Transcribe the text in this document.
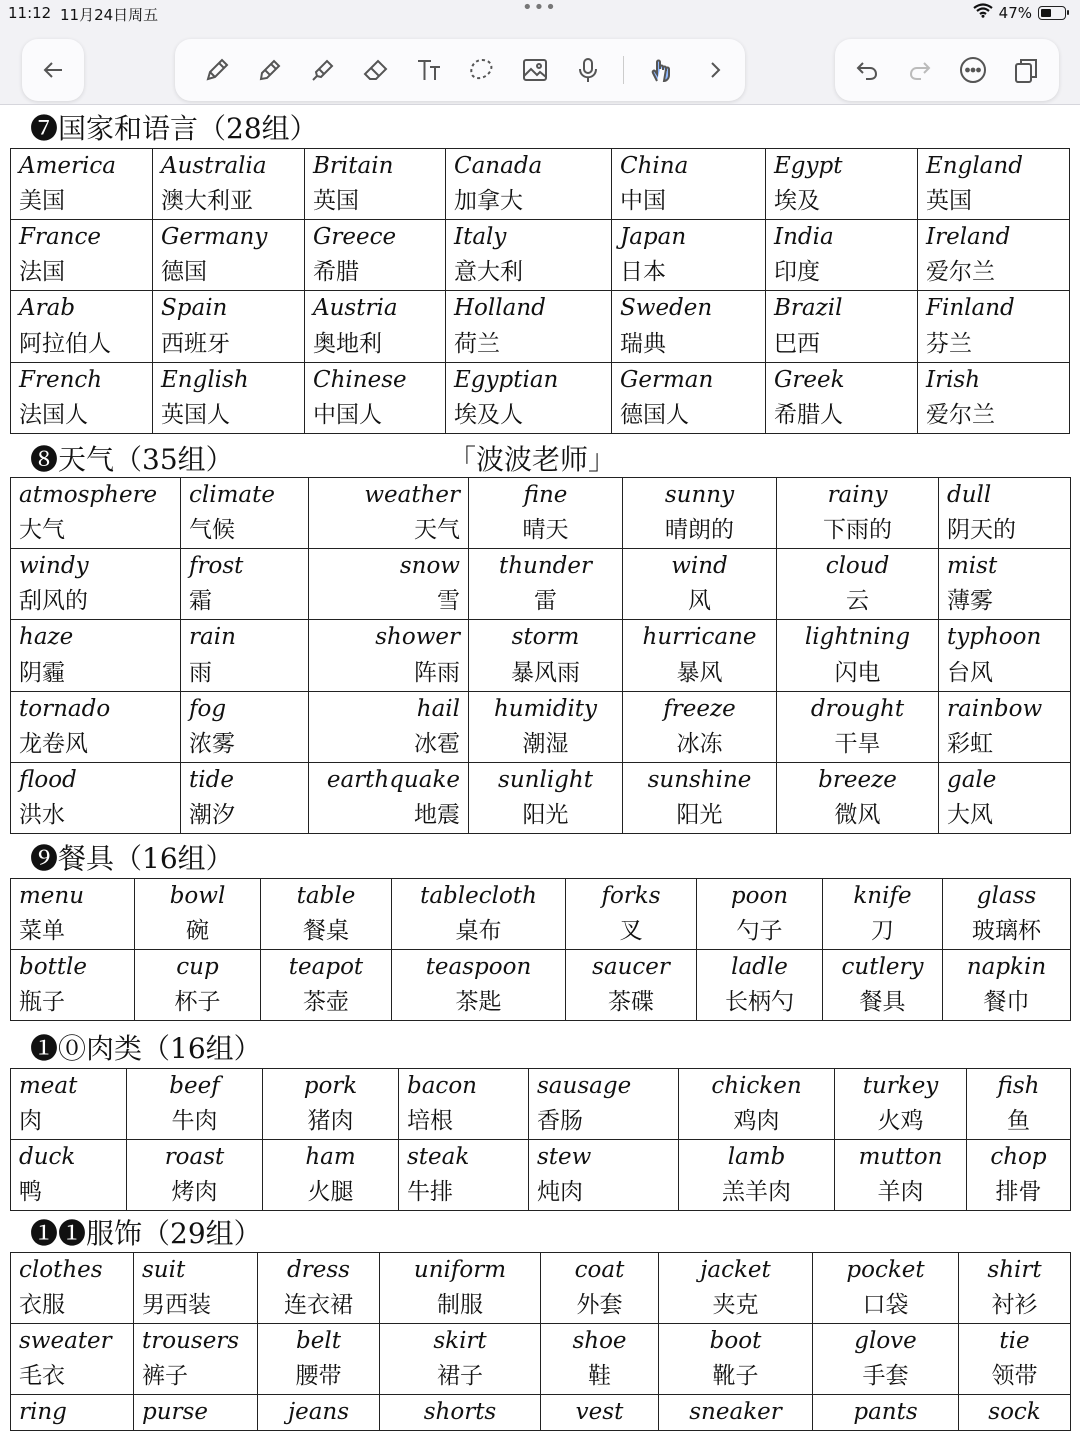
11:12 11月24日周五	•••	47%
❼国家和语言（28组）
America	Australia	Britain	Canada	China	Egypt	England
美国	澳大利亚	英国	加拿大	中国	埃及	英国
France	Germany	Greece	Italy	Japan	India	Ireland
法国	德国	希腊	意大利	日本	印度	爱尔兰
Arab	Spain	Austria	Holland	Sweden	Brazil	Finland
阿拉伯人	西班牙	奥地利	荷兰	瑞典	巴西	芬兰
French	English	Chinese	Egyptian	German	Greek	Irish
法国人	英国人	中国人	埃及人	德国人	希腊人	爱尔兰
❽天气（35组）	「波波老师」
atmosphere	climate	weather	fine	sunny	rainy	dull
大气	气候	天气	晴天	晴朗的	下雨的	阴天的
windy	frost	snow	thunder	wind	cloud	mist
刮风的	霜	雪	雷	风	云	薄雾
haze	rain	shower	storm	hurricane	lightning	typhoon
阴霾	雨	阵雨	暴风雨	暴风	闪电	台风
tornado	fog	hail	humidity	freeze	drought	rainbow
龙卷风	浓雾	冰雹	潮湿	冰冻	干旱	彩虹
flood	tide	earthquake	sunlight	sunshine	breeze	gale
洪水	潮汐	地震	阳光	阳光	微风	大风
❾餐具（16组）
menu	bowl	table	tablecloth	forks	poon	knife	glass
菜单	碗	餐桌	桌布	叉	勺子	刀	玻璃杯
bottle	cup	teapot	teaspoon	saucer	ladle	cutlery	napkin
瓶子	杯子	茶壶	茶匙	茶碟	长柄勺	餐具	餐巾
❶⓪肉类（16组）
meat	beef	pork	bacon	sausage	chicken	turkey	fish
肉	牛肉	猪肉	培根	香肠	鸡肉	火鸡	鱼
duck	roast	ham	steak	stew	lamb	mutton	chop
鸭	烤肉	火腿	牛排	炖肉	羔羊肉	羊肉	排骨
❶❶服饰（29组）
clothes	suit	dress	uniform	coat	jacket	pocket	shirt
衣服	男西装	连衣裙	制服	外套	夹克	口袋	衬衫
sweater	trousers	belt	skirt	shoe	boot	glove	tie
毛衣	裤子	腰带	裙子	鞋	靴子	手套	领带
ring	purse	jeans	shorts	vest	sneaker	pants	sock
